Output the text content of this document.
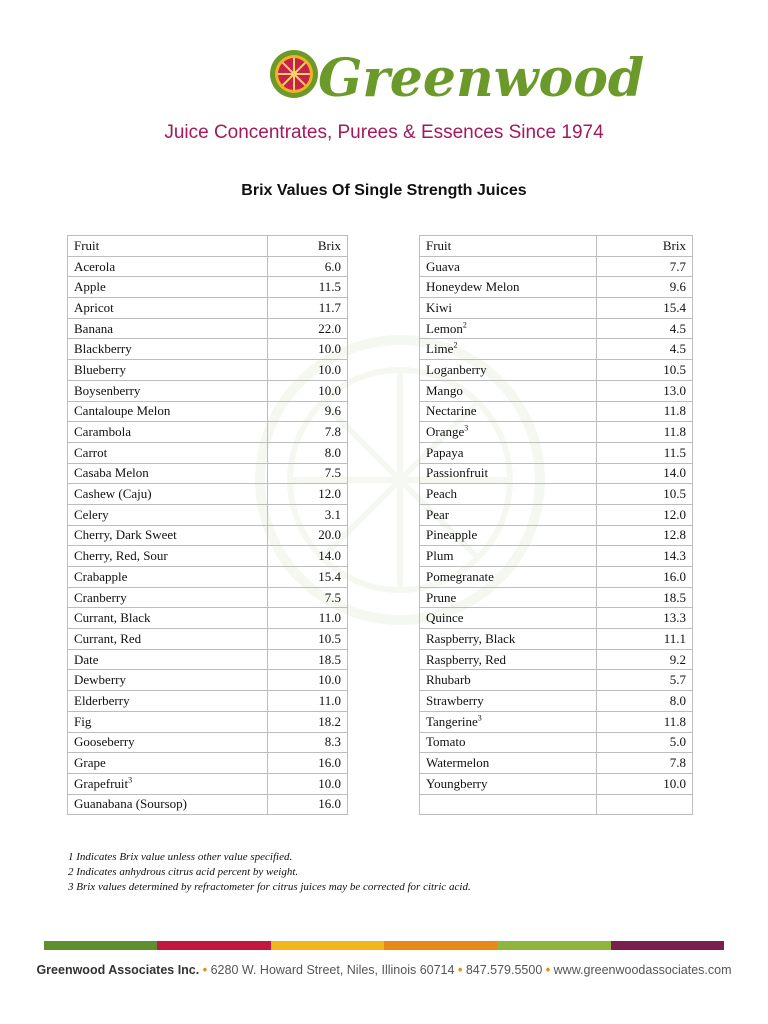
Greenwood
Juice Concentrates, Purees & Essences Since 1974
Brix Values Of Single Strength Juices
Fruit	Brix		Fruit	Brix
Acerola	6.0		Guava	7.7
Apple	11.5		Honeydew Melon	9.6
Apricot	11.7		Kiwi	15.4
Banana	22.0		Lemon$^2$	4.5
Blackberry	10.0		Lime$^2$	4.5
Blueberry	10.0		Loganberry	10.5
Boysenberry	10.0		Mango	13.0
Cantaloupe Melon	9.6		Nectarine	11.8
Carambola	7.8		Orange$^3$	11.8
Carrot	8.0		Papaya	11.5
Casaba Melon	7.5		Passionfruit	14.0
Cashew (Caju)	12.0		Peach	10.5
Celery	3.1		Pear	12.0
Cherry, Dark Sweet	20.0		Pineapple	12.8
Cherry, Red, Sour	14.0		Plum	14.3
Crabapple	15.4		Pomegranate	16.0
Cranberry	7.5		Prune	18.5
Currant, Black	11.0		Quince	13.3
Currant, Red	10.5		Raspberry, Black	11.1
Date	18.5		Raspberry, Red	9.2
Dewberry	10.0		Rhubarb	5.7
Elderberry	11.0		Strawberry	8.0
Fig	18.2		Tangerine$^3$	11.8
Gooseberry	8.3		Tomato	5.0
Grape	16.0		Watermelon	7.8
Grapefruit$^3$	10.0		Youngberry	10.0
Guanabana (Soursop)	16.0			
1 Indicates Brix value unless other value specified.
2 Indicates anhydrous citrus acid percent by weight.
3 Brix values determined by refractometer for citrus juices may be corrected for citric acid.
Greenwood Associates Inc. • 6280 W. Howard Street, Niles, Illinois 60714 • 847.579.5500 • www.greenwoodassociates.com
